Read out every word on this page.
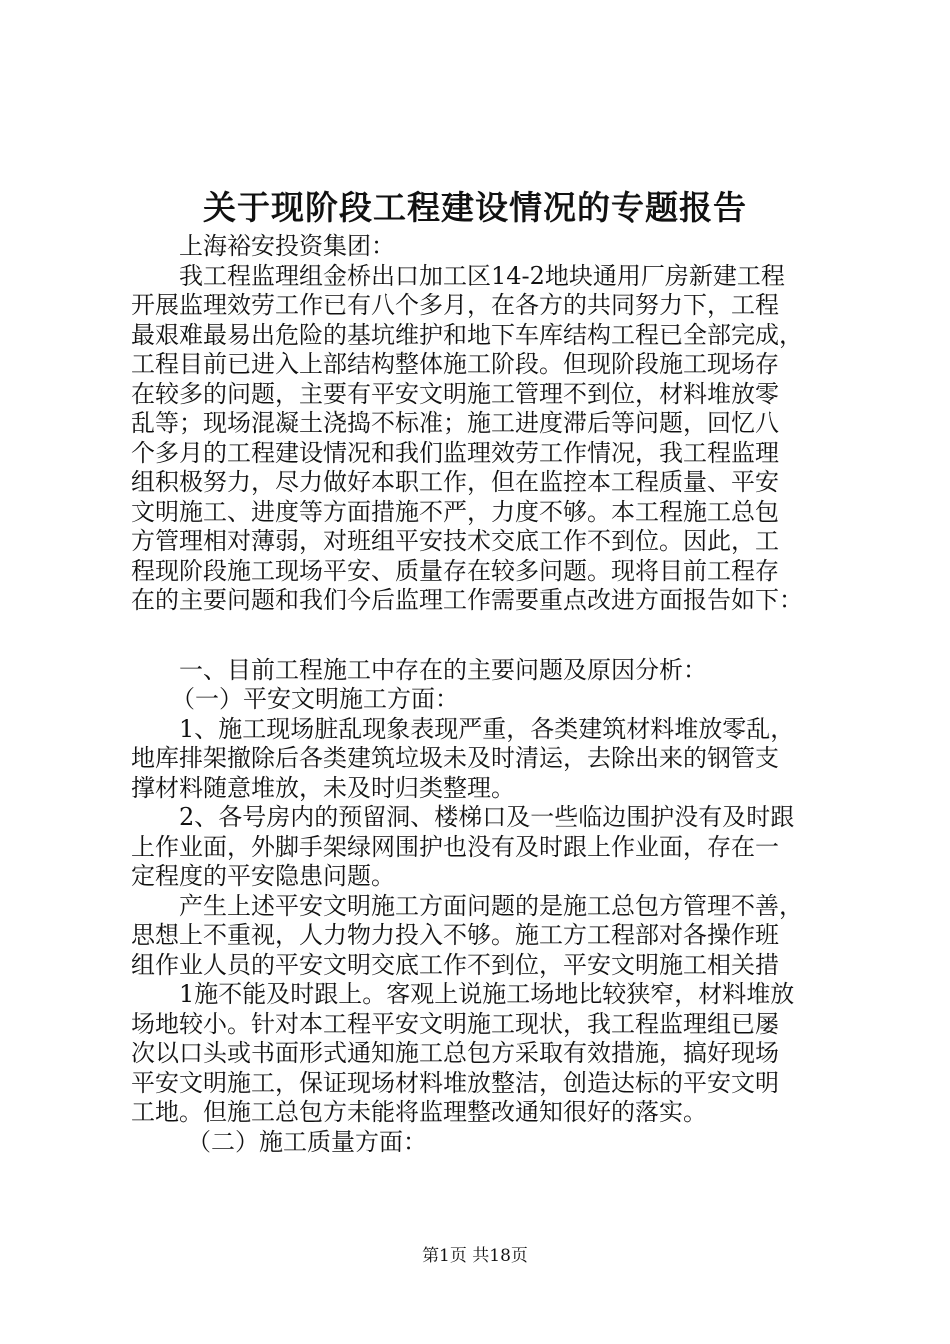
关于现阶段工程建设情况的专题报告
上海裕安投资集团：
我工程监理组金桥出口加工区14-2地块通用厂房新建工程
开展监理效劳工作已有八个多月，在各方的共同努力下，工程
最艰难最易出危险的基坑维护和地下车库结构工程已全部完成，
工程目前已进入上部结构整体施工阶段。但现阶段施工现场存
在较多的问题，主要有平安文明施工管理不到位，材料堆放零
乱等；现场混凝土浇捣不标准；施工进度滞后等问题，回忆八
个多月的工程建设情况和我们监理效劳工作情况，我工程监理
组积极努力，尽力做好本职工作，但在监控本工程质量、平安
文明施工、进度等方面措施不严，力度不够。本工程施工总包
方管理相对薄弱，对班组平安技术交底工作不到位。因此，工
程现阶段施工现场平安、质量存在较多问题。现将目前工程存
在的主要问题和我们今后监理工作需要重点改进方面报告如下：
一、目前工程施工中存在的主要问题及原因分析：
（一）平安文明施工方面：
1、施工现场脏乱现象表现严重，各类建筑材料堆放零乱，
地库排架撤除后各类建筑垃圾未及时清运，去除出来的钢管支
撑材料随意堆放，未及时归类整理。
2、各号房内的预留洞、楼梯口及一些临边围护没有及时跟
上作业面，外脚手架绿网围护也没有及时跟上作业面，存在一
定程度的平安隐患问题。
产生上述平安文明施工方面问题的是施工总包方管理不善，
思想上不重视，人力物力投入不够。施工方工程部对各操作班
组作业人员的平安文明交底工作不到位，平安文明施工相关措
1施不能及时跟上。客观上说施工场地比较狭窄，材料堆放
场地较小。针对本工程平安文明施工现状，我工程监理组已屡
次以口头或书面形式通知施工总包方采取有效措施，搞好现场
平安文明施工，保证现场材料堆放整洁，创造达标的平安文明
工地。但施工总包方未能将监理整改通知很好的落实。
（二）施工质量方面：
第1页 共18页
